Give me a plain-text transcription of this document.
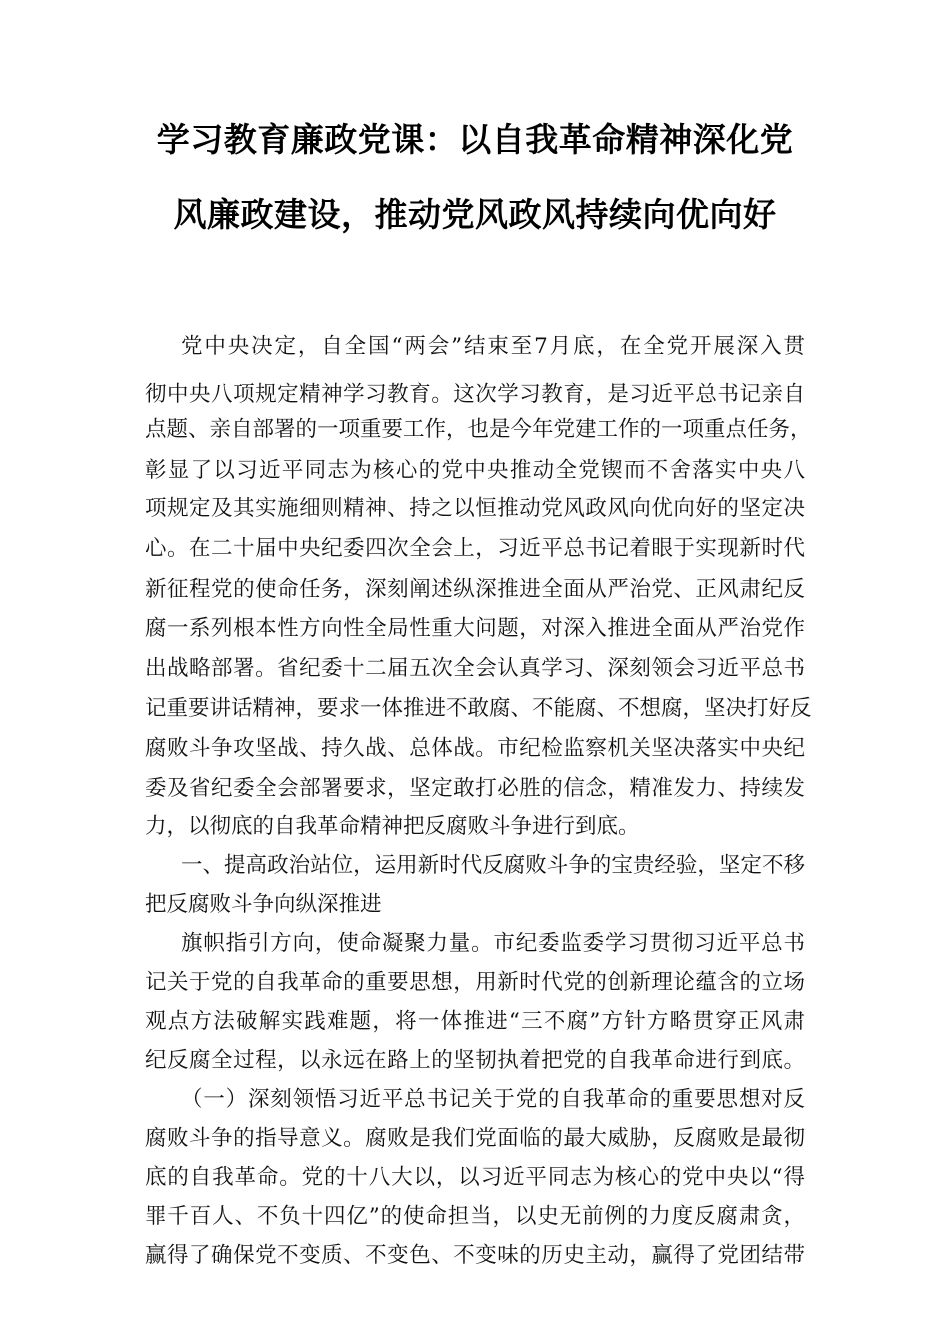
学习教育廉政党课：以自我革命精神深化党
风廉政建设，推动党风政风持续向优向好

党中央决定，自全国“两会”结束至7月底，在全党开展深入贯

彻中央八项规定精神学习教育。这次学习教育，是习近平总书记亲自

点题、亲自部署的一项重要工作，也是今年党建工作的一项重点任务，

彰显了以习近平同志为核心的党中央推动全党锲而不舍落实中央八

项规定及其实施细则精神、持之以恒推动党风政风向优向好的坚定决

心。在二十届中央纪委四次全会上，习近平总书记着眼于实现新时代

新征程党的使命任务，深刻阐述纵深推进全面从严治党、正风肃纪反

腐一系列根本性方向性全局性重大问题，对深入推进全面从严治党作

出战略部署。省纪委十二届五次全会认真学习、深刻领会习近平总书

记重要讲话精神，要求一体推进不敢腐、不能腐、不想腐，坚决打好反

腐败斗争攻坚战、持久战、总体战。市纪检监察机关坚决落实中央纪

委及省纪委全会部署要求，坚定敢打必胜的信念，精准发力、持续发

力，以彻底的自我革命精神把反腐败斗争进行到底。

一、提高政治站位，运用新时代反腐败斗争的宝贵经验，坚定不移

把反腐败斗争向纵深推进

旗帜指引方向，使命凝聚力量。市纪委监委学习贯彻习近平总书

记关于党的自我革命的重要思想，用新时代党的创新理论蕴含的立场

观点方法破解实践难题，将一体推进“三不腐”方针方略贯穿正风肃

纪反腐全过程，以永远在路上的坚韧执着把党的自我革命进行到底。

（一）深刻领悟习近平总书记关于党的自我革命的重要思想对反

腐败斗争的指导意义。腐败是我们党面临的最大威胁，反腐败是最彻

底的自我革命。党的十八大以，以习近平同志为核心的党中央以“得

罪千百人、不负十四亿”的使命担当，以史无前例的力度反腐肃贪，

赢得了确保党不变质、不变色、不变味的历史主动，赢得了党团结带
